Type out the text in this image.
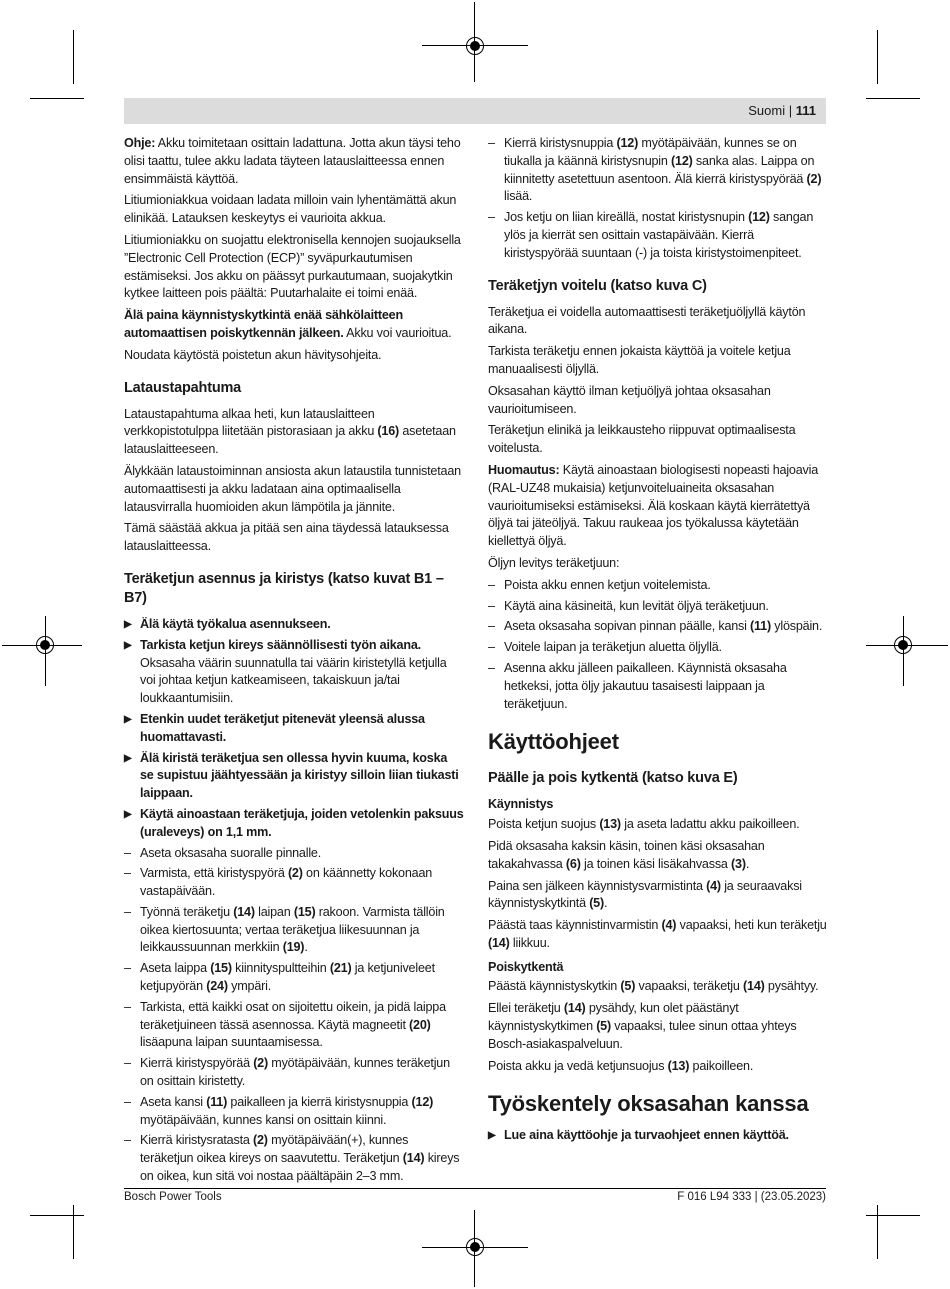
Suomi | 111

Ohje: Akku toimitetaan osittain ladattuna. Jotta akun täysi teho olisi taattu, tulee akku ladata täyteen latauslaitteessa ennen ensimmäistä käyttöä.

Litiumioniakkua voidaan ladata milloin vain lyhentämättä akun elinikää. Latauksen keskeytys ei vaurioita akkua.

Litiumioniakku on suojattu elektronisella kennojen suojauksella ”Electronic Cell Protection (ECP)” syväpurkautumisen estämiseksi. Jos akku on päässyt purkautumaan, suojakytkin kytkee laitteen pois päältä: Puutarhalaite ei toimi enää.

Älä paina käynnistyskytkintä enää sähkölaitteen automaattisen poiskytkennän jälkeen. Akku voi vaurioitua.

Noudata käytöstä poistetun akun hävitysohjeita.

Lataustapahtuma

Lataustapahtuma alkaa heti, kun latauslaitteen verkkopistotulppa liitetään pistorasiaan ja akku (16) asetetaan latauslaitteeseen.

Älykkään lataustoiminnan ansiosta akun lataustila tunnistetaan automaattisesti ja akku ladataan aina optimaalisella latausvirralla huomioiden akun lämpötila ja jännite.

Tämä säästää akkua ja pitää sen aina täydessä latauksessa latauslaitteessa.

Teräketjun asennus ja kiristys (katso kuvat B1 – B7)
▶ Älä käytä työkalua asennukseen.
▶ Tarkista ketjun kireys säännöllisesti työn aikana. Oksasaha väärin suunnatulla tai väärin kiristetyllä ketjulla voi johtaa ketjun katkeamiseen, takaiskuun ja/tai loukkaantumisiin.
▶ Etenkin uudet teräketjut pitenevät yleensä alussa huomattavasti.
▶ Älä kiristä teräketjua sen ollessa hyvin kuuma, koska se supistuu jäähtyessään ja kiristyy silloin liian tiukasti laippaan.
▶ Käytä ainoastaan teräketjuja, joiden vetolenkin paksuus (uraleveys) on 1,1 mm.
– Aseta oksasaha suoralle pinnalle.
– Varmista, että kiristyspyörä (2) on käännetty kokonaan vastapäivään.
– Työnnä teräketju (14) laipan (15) rakoon. Varmista tällöin oikea kiertosuunta; vertaa teräketjua liikesuunnan ja leikkaussuunnan merkkiin (19).
– Aseta laippa (15) kiinnityspultteihin (21) ja ketjuniveleet ketjupyörän (24) ympäri.
– Tarkista, että kaikki osat on sijoitettu oikein, ja pidä laippa teräketjuineen tässä asennossa. Käytä magneetit (20) lisäapuna laipan suuntaamisessa.
– Kierrä kiristyspyörää (2) myötäpäivään, kunnes teräketjun on osittain kiristetty.
– Aseta kansi (11) paikalleen ja kierrä kiristysnuppia (12) myötäpäivään, kunnes kansi on osittain kiinni.
– Kierrä kiristysratasta (2) myötäpäivään(+), kunnes teräketjun oikea kireys on saavutettu. Teräketjun (14) kireys on oikea, kun sitä voi nostaa päältäpäin 2–3 mm.
– Kierrä kiristysnuppia (12) myötäpäivään, kunnes se on tiukalla ja käännä kiristysnupin (12) sanka alas. Laippa on kiinnitetty asetettuun asentoon. Älä kierrä kiristyspyörää (2) lisää.
– Jos ketju on liian kireällä, nostat kiristysnupin (12) sangan ylös ja kierrät sen osittain vastapäivään. Kierrä kiristyspyörää suuntaan (-) ja toista kiristystoimenpiteet.
Teräketjyn voitelu (katso kuva C)

Teräketjua ei voidella automaattisesti teräketjuöljyllä käytön aikana.

Tarkista teräketju ennen jokaista käyttöä ja voitele ketjua manuaalisesti öljyllä.

Oksasahan käyttö ilman ketjuöljyä johtaa oksasahan vaurioitumiseen.

Teräketjun elinikä ja leikkausteho riippuvat optimaalisesta voitelusta.

Huomautus: Käytä ainoastaan biologisesti nopeasti hajoavia (RAL-UZ48 mukaisia) ketjunvoiteluaineita oksasahan vaurioitumiseksi estämiseksi. Älä koskaan käytä kierrätettyä öljyä tai jäteöljyä. Takuu raukeaa jos työkalussa käytetään kiellettyä öljyä.

Öljyn levitys teräketjuun:

– Poista akku ennen ketjun voitelemista.
– Käytä aina käsineitä, kun levität öljyä teräketjuun.
– Aseta oksasaha sopivan pinnan päälle, kansi (11) ylöspäin.
– Voitele laipan ja teräketjun aluetta öljyllä.
– Asenna akku jälleen paikalleen. Käynnistä oksasaha hetkeksi, jotta öljy jakautuu tasaisesti laippaan ja teräketjuun.
Käyttöohjeet
Päälle ja pois kytkentä (katso kuva E)
Käynnistys

Poista ketjun suojus (13) ja aseta ladattu akku paikoilleen.

Pidä oksasaha kaksin käsin, toinen käsi oksasahan takakahvassa (6) ja toinen käsi lisäkahvassa (3).

Paina sen jälkeen käynnistysvarmistinta (4) ja seuraavaksi käynnistyskytkintä (5).

Päästä taas käynnistinvarmistin (4) vapaaksi, heti kun teräketju (14) liikkuu.

Poiskytkentä

Päästä käynnistyskytkin (5) vapaaksi, teräketju (14) pysähtyy.

Ellei teräketju (14) pysähdy, kun olet päästänyt käynnistyskytkimen (5) vapaaksi, tulee sinun ottaa yhteys Bosch-asiakaspalveluun.

Poista akku ja vedä ketjunsuojus (13) paikoilleen.

Työskentely oksasahan kanssa
▶ Lue aina käyttöohje ja turvaohjeet ennen käyttöä.
Bosch Power Tools	F 016 L94 333 | (23.05.2023)
